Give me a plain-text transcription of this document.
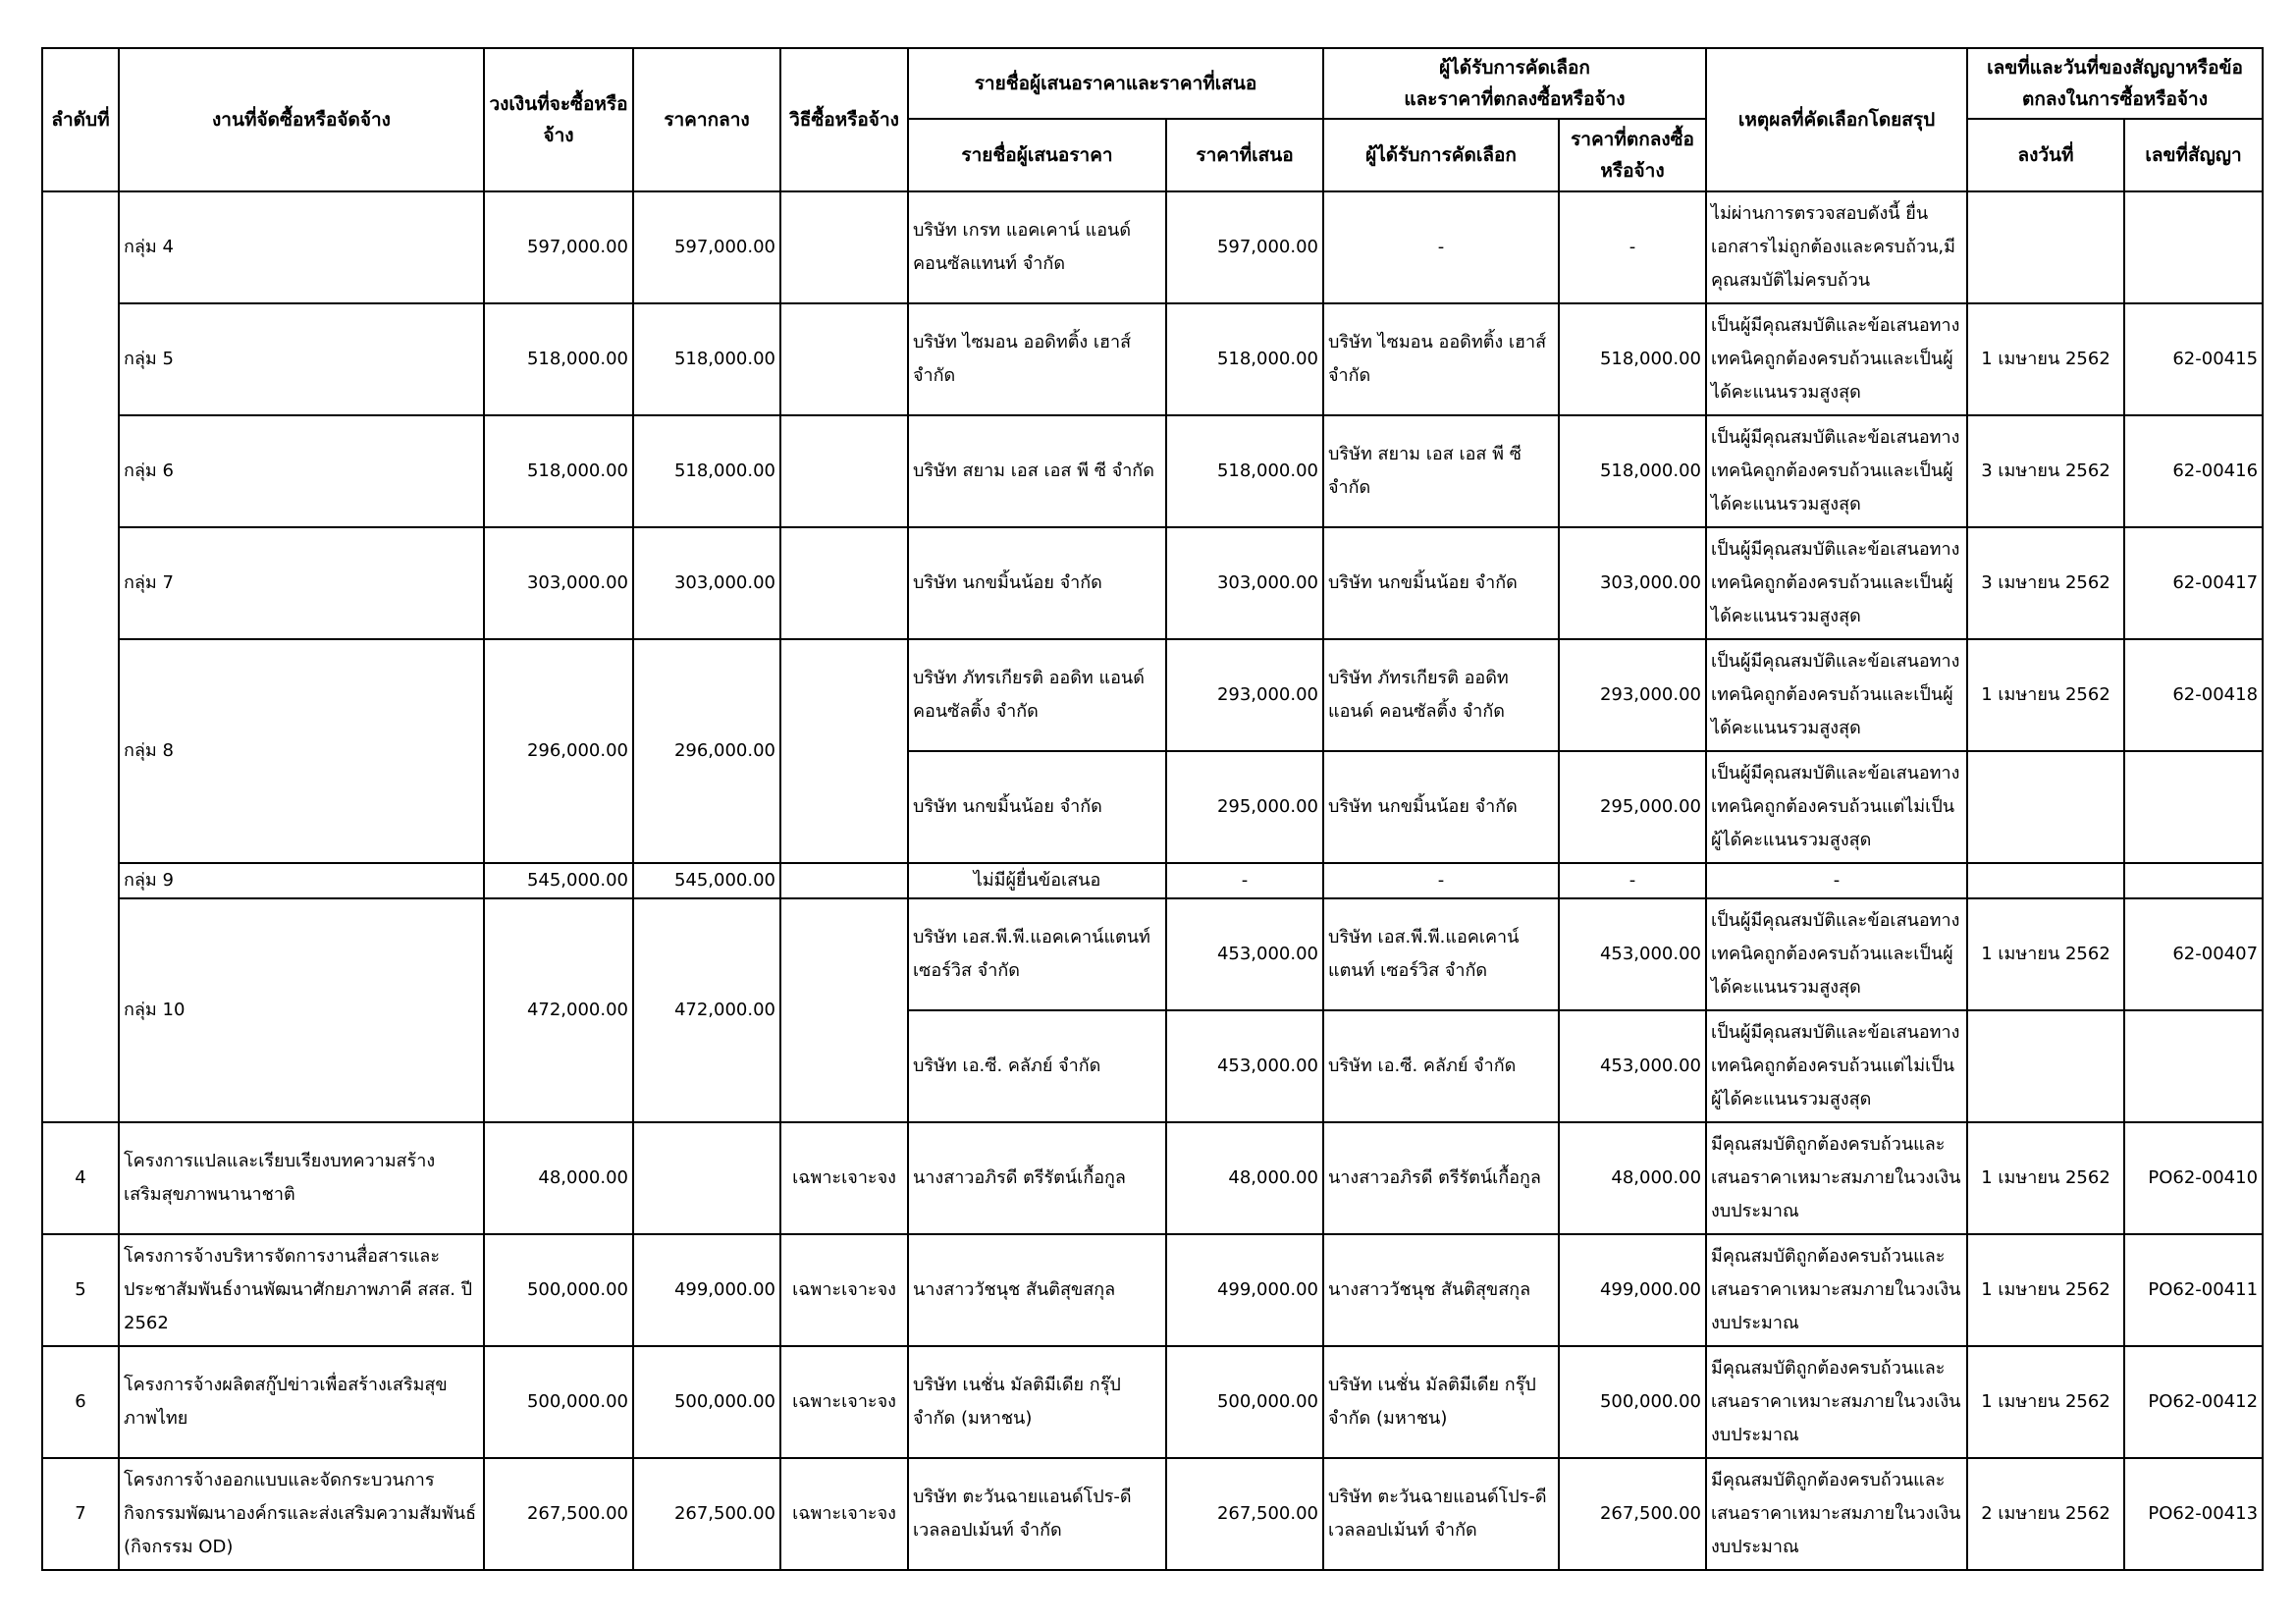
ลำดับที่	งานที่จัดซื้อหรือจัดจ้าง	วงเงินที่จะซื้อหรือจ้าง	ราคากลาง	วิธีซื้อหรือจ้าง	รายชื่อผู้เสนอราคาและราคาที่เสนอ		ผู้ได้รับการคัดเลือก
และราคาที่ตกลงซื้อหรือจ้าง		เหตุผลที่คัดเลือกโดยสรุป	เลขที่และวันที่ของสัญญาหรือข้อตกลงในการซื้อหรือจ้าง	
					รายชื่อผู้เสนอราคา	ราคาที่เสนอ	ผู้ได้รับการคัดเลือก	ราคาที่ตกลงซื้อหรือจ้าง		ลงวันที่	เลขที่สัญญา
	กลุ่ม 4	597,000.00	597,000.00		บริษัท เกรท แอคเคาน์ แอนด์ คอนซัลแทนท์ จำกัด	597,000.00	-	-	ไม่ผ่านการตรวจสอบดังนี้ ยื่นเอกสารไม่ถูกต้องและครบถ้วน,มีคุณสมบัติไม่ครบถ้วน		
	กลุ่ม 5	518,000.00	518,000.00		บริษัท ไซมอน ออดิทติ้ง เฮาส์ จำกัด	518,000.00	บริษัท ไซมอน ออดิทติ้ง เฮาส์ จำกัด	518,000.00	เป็นผู้มีคุณสมบัติและข้อเสนอทางเทคนิคถูกต้องครบถ้วนและเป็นผู้ได้คะแนนรวมสูงสุด	1 เมษายน 2562	62-00415
	กลุ่ม 6	518,000.00	518,000.00		บริษัท สยาม เอส เอส พี ซี จำกัด	518,000.00	บริษัท สยาม เอส เอส พี ซี จำกัด	518,000.00	เป็นผู้มีคุณสมบัติและข้อเสนอทางเทคนิคถูกต้องครบถ้วนและเป็นผู้ได้คะแนนรวมสูงสุด	3 เมษายน 2562	62-00416
	กลุ่ม 7	303,000.00	303,000.00		บริษัท นกขมิ้นน้อย จำกัด	303,000.00	บริษัท นกขมิ้นน้อย จำกัด	303,000.00	เป็นผู้มีคุณสมบัติและข้อเสนอทางเทคนิคถูกต้องครบถ้วนและเป็นผู้ได้คะแนนรวมสูงสุด	3 เมษายน 2562	62-00417
	กลุ่ม 8	296,000.00	296,000.00		บริษัท ภัทรเกียรติ ออดิท แอนด์ คอนซัลติ้ง จำกัด	293,000.00	บริษัท ภัทรเกียรติ ออดิท แอนด์ คอนซัลติ้ง จำกัด	293,000.00	เป็นผู้มีคุณสมบัติและข้อเสนอทางเทคนิคถูกต้องครบถ้วนและเป็นผู้ได้คะแนนรวมสูงสุด	1 เมษายน 2562	62-00418
					บริษัท นกขมิ้นน้อย จำกัด	295,000.00	บริษัท นกขมิ้นน้อย จำกัด	295,000.00	เป็นผู้มีคุณสมบัติและข้อเสนอทางเทคนิคถูกต้องครบถ้วนแต่ไม่เป็นผู้ได้คะแนนรวมสูงสุด		
	กลุ่ม 9	545,000.00	545,000.00		ไม่มีผู้ยื่นข้อเสนอ	-	-	-	-		
	กลุ่ม 10	472,000.00	472,000.00		บริษัท เอส.พี.พี.แอคเคาน์แตนท์ เซอร์วิส จำกัด	453,000.00	บริษัท เอส.พี.พี.แอคเคาน์ แตนท์ เซอร์วิส จำกัด	453,000.00	เป็นผู้มีคุณสมบัติและข้อเสนอทางเทคนิคถูกต้องครบถ้วนและเป็นผู้ได้คะแนนรวมสูงสุด	1 เมษายน 2562	62-00407
					บริษัท เอ.ซี. คลัภย์ จำกัด	453,000.00	บริษัท เอ.ซี. คลัภย์ จำกัด	453,000.00	เป็นผู้มีคุณสมบัติและข้อเสนอทางเทคนิคถูกต้องครบถ้วนแต่ไม่เป็นผู้ได้คะแนนรวมสูงสุด		
4	โครงการแปลและเรียบเรียงบทความสร้างเสริมสุขภาพนานาชาติ	48,000.00		เฉพาะเจาะจง	นางสาวอภิรดี ตรีรัตน์เกื้อกูล	48,000.00	นางสาวอภิรดี ตรีรัตน์เกื้อกูล	48,000.00	มีคุณสมบัติถูกต้องครบถ้วนและเสนอราคาเหมาะสมภายในวงเงินงบประมาณ	1 เมษายน 2562	PO62-00410
5	โครงการจ้างบริหารจัดการงานสื่อสารและประชาสัมพันธ์งานพัฒนาศักยภาพภาคี สสส. ปี 2562	500,000.00	499,000.00	เฉพาะเจาะจง	นางสาววัชนุช สันติสุขสกุล	499,000.00	นางสาววัชนุช สันติสุขสกุล	499,000.00	มีคุณสมบัติถูกต้องครบถ้วนและเสนอราคาเหมาะสมภายในวงเงินงบประมาณ	1 เมษายน 2562	PO62-00411
6	โครงการจ้างผลิตสกู๊ปข่าวเพื่อสร้างเสริมสุขภาพไทย	500,000.00	500,000.00	เฉพาะเจาะจง	บริษัท เนชั่น มัลติมีเดีย กรุ๊ป จำกัด (มหาชน)	500,000.00	บริษัท เนชั่น มัลติมีเดีย กรุ๊ป จำกัด (มหาชน)	500,000.00	มีคุณสมบัติถูกต้องครบถ้วนและเสนอราคาเหมาะสมภายในวงเงินงบประมาณ	1 เมษายน 2562	PO62-00412
7	โครงการจ้างออกแบบและจัดกระบวนการกิจกรรมพัฒนาองค์กรและส่งเสริมความสัมพันธ์ (กิจกรรม OD)	267,500.00	267,500.00	เฉพาะเจาะจง	บริษัท ตะวันฉายแอนด์โปร-ดีเวลลอปเม้นท์ จำกัด	267,500.00	บริษัท ตะวันฉายแอนด์โปร-ดีเวลลอปเม้นท์ จำกัด	267,500.00	มีคุณสมบัติถูกต้องครบถ้วนและเสนอราคาเหมาะสมภายในวงเงินงบประมาณ	2 เมษายน 2562	PO62-00413
